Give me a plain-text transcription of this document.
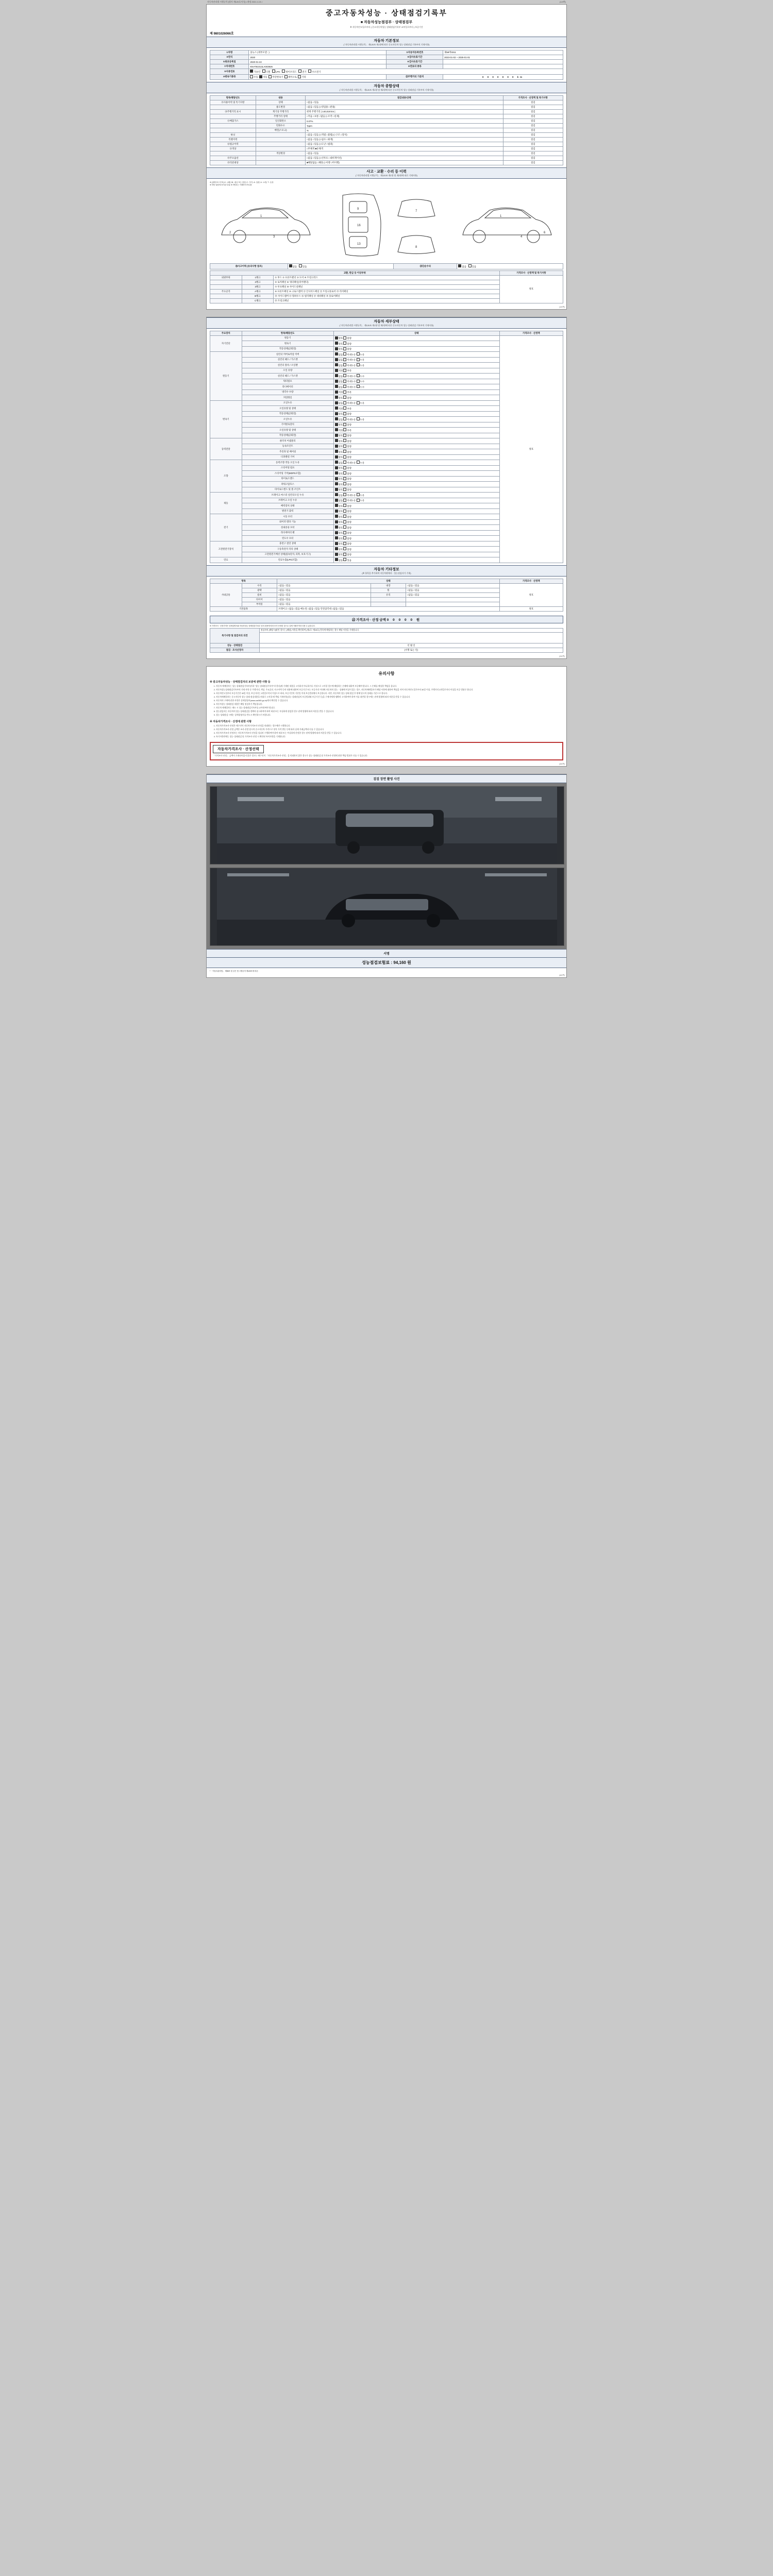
자동차관리법 시행규칙 [별지 제120호서식] <개정 2021.1.19.>	(1/4쪽)
중고자동차성능 · 상태점검기록부
■ 자동차성능점검부 · 상태점검부
※ 자동차인도일로부터 ( 중고자동차성능·상태점검기록부 교부일로부터 ) 보증기간
제 9801026066호
자동차 기본정보
(「자동차관리법 시행규칙」 제120조 제1항에 따른 중고자동차 성능·상태점검 기록부의 기재사항)
①차명	올뉴스 (세부모델 : )	②자동차등록번호	제59머0311
③연식	2020	④검사유효기간	2023-01-02 ~ 2025-01-01
⑤최초등록일	2020-01-22	⑥검사유효기간	
⑦차대번호	KNAT81013LA003926	⑧연료의 종류	
⑨사용연료	가솔린 디젤 LPG 하이브리드 전기 수소전기		
⑩변속기종류	수동 자동 무단변속기 세미오토 기타	⑫주행거리 기준치	0 0 0 0 0 0 0 km
자동차 종합상태
(「자동차관리법 시행규칙」 제120조 제1항 및 제2항에 따른 중고자동차 성능·상태점검 기록부의 기재사항)
항목/해당년도	내용	점검내용/상태	가격조사 · 산정액 및 특기사항
⑬사용이력 및 특기사항	상태	□없음 □있음	점검
	용도변경	□없음 □있음 (□영업용 □관용)	점검
⑭주행거리 표시	계기상 주행거리	현재 주행거리 | 140,019 km |	점검
	주행거리 상태	□적음 □보통 □많음 (□조작 □실제)	점검
⑮배출가스	일산화탄소	0.07%	점검
	탄화수소	7ppm	점검
	매연(스모크)	%	점검
튜닝		□없음 □있음 (□적법 □불법) (□구조 □장치)	점검
특별이력		□없음 □있음 (□침수 □화재)	점검
⑯법규이력		□없음 □있음 (□도난 □범죄)	점검
⑰색상		□무채색 ■유채색	점검
	색상변경	□없음 □있음	점검
⑱주요옵션		□없음 □있음 (□선루프 □내비게이션)	점검
⑲리콜대상		■해당없음 □해당 (□이행 □미이행)	점검
사고 · 교환 · 수리 등 이력
(「자동차관리법 시행규칙」 제120조 제1항 및 제2항에 따른 기재사항)
※ (상태 표시 부호) X : 교환, W : 판금 또는 용접, C : 부식, A : 흠집, U : 요철, T : 손상
※ 하단 일람에 표기된 부위 표기번호는 기재하지 아니함
1
3
2
9
16
13
1
4
6
7
8
⑳사고이력 (유의사항 참조)	없음 있음	㉑단순수리	없음 있음
교환, 판금 등 이상부위			가격조사 · 산정액 및 특기사항
외판부위	1랭크	① 후드 ② 프론트펜더 ③ 도어 ④ 트렁크리드	양호
	2랭크	⑤ 로커패널 ⑥ 쿼터패널(리어펜더)	
	3랭크	⑦ 루프패널 ⑧ 사이드실패널	
주요골격	A랭크	⑨ 프론트패널 ⑩ 크로스멤버 ⑪ 인사이드패널 ⑫ 트렁크플로어 ⑬ 리어패널	
	B랭크	⑭ 사이드멤버 ⑮ 휠하우스 ⑯ 필러패널 ⑰ 대쉬패널 ⑱ 플로어패널	
	C랭크	⑲ 트렁크패널	
(1/4쪽)
자동차 세부상태
(「자동차관리법 시행규칙」 제120조 제1항 및 제2항에 따른 중고자동차 성능·상태점검 기록부의 기재사항)
주요장치	항목/해당년도	상태	가격조사 · 산정액
자기진단	원동기	양호 불량	양호
	변속기	양호 불량	
	작동상태(공회전)	양호 불량	
원동기	실린더 커버로커암 커버	없음 미세누유 누유	
	실린더 헤드 / 가스켓	없음 미세누유 누유	
	실린더 블록 / 오일팬	없음 미세누유 누유	
	오일 유량	적정 부족	
	실린더 헤드 / 가스켓	없음 미세누수 누수	
	워터펌프	없음 미세누수 누수	
	라디에이터	없음 미세누수 누수	
	냉각수 수량	적정 부족	
	커먼레일	양호 불량	
변속기	오일누유	없음 미세누유 누유	
	오일유량 및 상태	적정 부족	
	작동상태(공회전)	양호 불량	
	오일누유	없음 미세누유 누유	
	기어변속장치	양호 불량	
	오일유량 및 상태	적정 부족	
	작동상태(공회전)	양호 불량	
동력전달	클러치 어셈블리	양호 불량	
	등속조인트	양호 불량	
	추진축 및 베어링	양호 불량	
	디퍼렌셜 기어	양호 불량	
조향	동력조향 작동 오일 누유	없음 미세누유 누유	
	스티어링 펌프	양호 불량	
	스티어링 기어(MDPS포함)	양호 불량	
	타이로드엔드	양호 불량	
	파워고압호스	양호 불량	
	타이로드엔드 및 볼 조인트	양호 불량	
제동	브레이크 마스터 실린더오일 누유	없음 미세누유 누유	
	브레이크 오일 누유	없음 미세누유 누유	
	배력장치 상태	양호 불량	
	발전기 출력	양호 불량	
전기	시동 모터	양호 불량	
	와이퍼 델타 기능	양호 불량	
	실내송풍 모터	양호 불량	
	라디에이터 팬	양호 불량	
	윈도우 모터	양호 불량	
고전원전기장치	충전구 절연 상태	양호 불량	
	구동축전지 격리 상태	양호 불량	
	고전원전기배선 상태(접속단자, 피복, 보호기구)	양호 불량	
연료	연료누출(LPG포함)	없음 있음	
자동차 기타정보
(※ 항목을 추가하여 자동차판매자 · 성능점검자가 기재)
항목		상태			가격조사 · 산정액
사내공통	수리	□없음 □있음	내장	□없음 □있음	양호
	광택	□없음 □있음	휠	□없음 □있음	
	룸비	□없음 □있음	유리	□없음 □있음	
	타이어	□없음 □있음			
	부착물	□없음 □있음			
기본품목		브레이크 □없음 □있음 매뉴얼 □없음 □있음 안전삼각대 □없음 □있음			양호
㉒ 가격조사 · 산정 금액 0 0 0 0 0 원
※ 가격조사 · 산정가격은 상세설명서와 자동차성능·상태점검기록부 상의 내용에 따라 조사·산정한 것으로 실제 거래가격과 다를 수 있습니다.
특기사항 및 점검자의 의견	점검자의 (해당시)팔린 경우는 (해당) 사항을 확인하여 (제1호~제15호) 항목에 해당하는 경우 해당 사항을 기재합니다.

성능 · 상태점검	년 월 일
점검 · 조사산정자	(서명 또는 인)
(2/4쪽)
유의사항
※ 중고자동차성능 · 상태점검자의 보증에 관한 사항 등
1. 자동차 매매업자는 성능·상태점검기록부(이하 "성능·상태점검기록부"라 한다)에 기재된 내용을 고지하지 아니하거나 거짓으로 고지할 경우에 해당하는 손해에 대하여 보증해야 합니다. 그 손해를 배상할 책임을 집니다.
2. 자동차성능상태점검기록부의 기재 사항 중 주행거리, 색상, 주요옵션, 사고이력 등의 내용에 대하여 보증기간 또는 보증거리 이내에 자동차의 성능 · 상태에 이상이 있는 경우, 자동차매매업자가 해당 사항에 대하여 책임을 지며 자동차인도일로부터 30일 이상, 주행거리 2천킬로미터 이상을 보증 범위로 합니다.
3. 자동차인도일부터 보증기간은 30일 이상, 보증거리는 2천킬로미터 이상으로 하되, 보증기간의 기산일 이내 보증범위에서 보증합니다. 다만, 자동차의 성능·상태 점검 후 판매 당시의 상태를 기준으로 합니다.
4. 자동차매매업자는 중고자동차 성능·상태 점검내용을 허위로 고지할 때 책임 기재사항(성능·상태점검의 보증범위와 보증기간 등)을 구매자에게 명확히 고지하여야 하며 이를 위반할 경우에는 관계 법령에 따라 처분을 받을 수 있습니다.
5. 자동차의 구매에 관한 사항은 상세설명서(www.car365.go.kr)에서 확인할 수 있습니다.
6. 자동차성능·상태점검 내용은 해당 점검자가 책임집니다.
7. 자동차 매매업자는 매도 시 성능·상태점검기록부를 교부하여야 합니다.
8. 성능점검자는 자동차의 성능·상태점검을 정확히 실시하여야 하며 허위 또는 부실하게 점검한 경우 관계 법령에 따라 처분을 받을 수 있습니다.
9. 성능·상태점검 시에는 상세설명서를 반드시 확인하시기 바랍니다.
※ 자동차가격조사 · 산정에 관한 사항
1. 자동차가격조사·산정은 매수인이 자동차가격조사·산정을 의뢰하는 경우에만 시행합니다.
2. 자동차가격조사·산정 금액은 조사·산정 당시의 중고자동차 가격으로 향후 가격 변동 등에 따라 실제 거래금액과 다를 수 있습니다.
3. 자동차가격조사·산정자는 자동차가격조사·산정을 성실히 수행하여야 하며 허위 또는 부실하게 산정한 경우 관계 법령에 따라 처분을 받을 수 있습니다.
4. 특기사항란에는 성능·상태점검 및 가격조사·산정 시 확인된 특이사항을 기재합니다.
자동차가격조사 · 산정선택
「가격조사·산정」 금액이 기재되어있지 않은 경우는 매수인이 「자동차가격조사·산정」을 의뢰하지 않은 경우로 성능·상태점검 및 가격조사·산정에 관한 책임 범위가 다를 수 있습니다.
(3/4쪽)
검검 장면 촬영 사진
서명
성능점검보험료 : 94,160 원
* 「자동차관리법」 제58조 및 같은 법 시행규칙 제120조에 따른
(4/4쪽)
